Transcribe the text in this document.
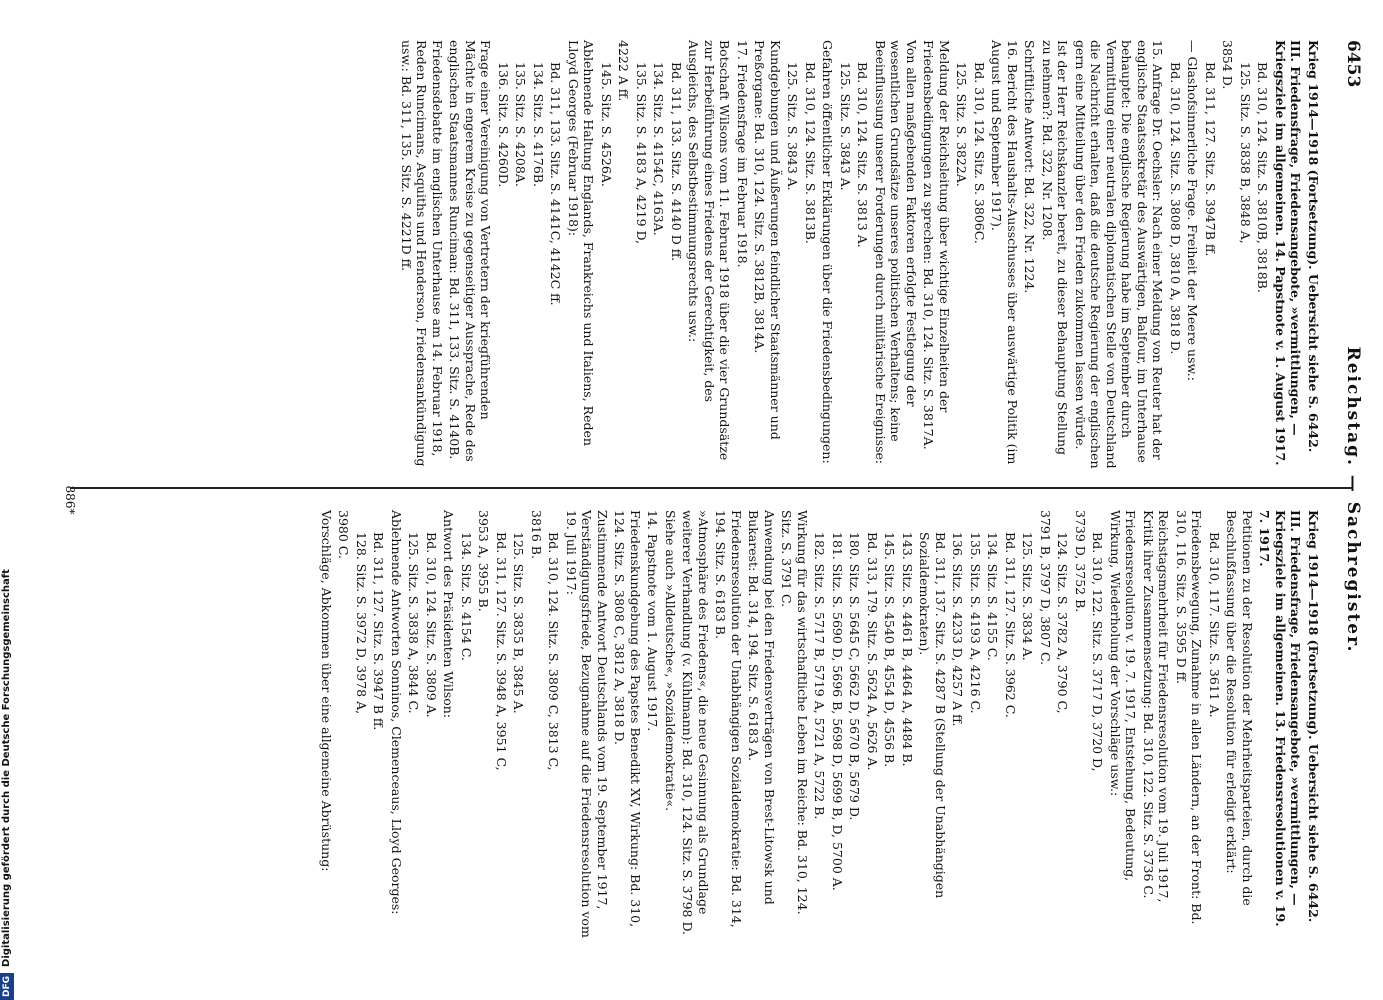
DFGDigitalisierung gefördert durch die Deutsche Forschungsgemeinschaft
6453
Reichstag. — Sachregister.

Krieg 1914—1918 (Fortsetzung). Uebersicht siehe S. 6442.

III. Friedensfrage, Friedensangebote, »vermittlungen, — Kriegsziele im allgemeinen. 14. Papstnote v. 1. August 1917.

Bd. 310, 124. Sitz. S. 3810B, 3818B.

125. Sitz. S. 3838 B, 3848 A,

3854 D.

Bd. 311, 127. Sitz. S. 3947B ff.

— Glashofsinnerliche Frage. Freiheit der Meere usw.:

Bd. 310, 124. Sitz. S. 3808 D, 3810 A, 3818 D.

15. Anfrage Dr. Oechsler: Nach einer Meldung von Reuter hat der englische Staatssekretär des Auswärtigen, Balfour, im Unterhause behauptet: Die englische Regierung habe im September durch Vermittlung einer neutralen diplomatischen Stelle von Deutschland die Nachricht erhalten, daß die deutsche Regierung der englischen gern eine Mitteilung über den Frieden zukommen lassen würde.

Ist der Herr Reichskanzler bereit, zu dieser Behauptung Stellung zu nehmen?: Bd. 322, Nr. 1208.

Schriftliche Antwort: Bd. 322, Nr. 1224.

16. Bericht des Haushalts-Ausschusses über auswärtige Politik (im August und September 1917).

Bd. 310, 124. Sitz. S. 3806C.

125. Sitz. S. 3822A.

Meldung der Reichsleitung über wichtige Einzelheiten der Friedensbedingungen zu sprechen: Bd. 310, 124. Sitz. S. 3817A.

Von allen maßgebenden Faktoren erfolgte Festlegung der wesentlichen Grundsätze unseres politischen Verhaltens; keine Beeinflussung unserer Forderungen durch militärische Ereignisse:

Bd. 310, 124. Sitz. S. 3813 A.

125. Sitz. S. 3843 A.

Gefahren öffentlicher Erklärungen über die Friedensbedingungen:

Bd. 310, 124. Sitz. S. 3813B.

125. Sitz. S. 3843 A.

Kundgebungen und Äußerungen feindlicher Staatsmänner und Preßorgane: Bd. 310, 124. Sitz. S. 3812B, 3814A.

17. Friedensfrage im Februar 1918.

Botschaft Wilsons vom 11. Februar 1918 über die vier Grundsätze zur Herbeiführung eines Friedens der Gerechtigkeit, des Ausgleichs, des Selbstbestimmungsrechts usw.:

Bd. 311, 133. Sitz. S. 4140 D ff.

134. Sitz. S. 4154C, 4163A.

135. Sitz. S. 4183 A, 4219 D,

4222 A ff.

145. Sitz. S. 4526A.

Ablehnende Haltung Englands, Frankreichs und Italiens, Reden Lloyd Georges (Februar 1918):

Bd. 311, 133. Sitz. S. 4141C, 4142C ff.

134. Sitz. S. 4176B.

135. Sitz. S. 4208A.

136. Sitz. S. 4260D.

Frage einer Vereinigung von Vertretern der kriegführenden Mächte in engerem Kreise zu gegenseitiger Aussprache, Rede des englischen Staatsmannes Runciman: Bd. 311, 133. Sitz. S. 4140B.

Friedensdebatte im englischen Unterhause am 14. Februar 1918, Reden Runcimans, Asquiths und Henderson, Friedensankündigung usw.: Bd. 311, 135. Sitz. S. 4221D ff.

Krieg 1914—1918 (Fortsetzung). Uebersicht siehe S. 6442.

III. Friedensfrage, Friedensangebote, »vermittlungen, — Kriegsziele im allgemeinen. 13. Friedensresolutionen v. 19. 7. 1917.

Petitionen zu der Resolution der Mehrheitsparteien, durch die Beschlußfassung über die Resolution für erledigt erklärt:

Bd. 310, 117. Sitz. S. 3611 A.

Friedensbewegung, Zunahme in allen Ländern, an der Front: Bd. 310, 116. Sitz. S. 3595 D ff.

Reichstagsmehrheit für Friedensresolution vom 19. Juli 1917, Kritik ihrer Zusammensetzung: Bd. 310, 122. Sitz. S. 3736 C.

Friedensresolution v. 19. 7. 1917, Entstehung, Bedeutung, Wirkung, Wiederholung der Vorschläge usw.:

Bd. 310, 122. Sitz. S. 3717 D, 3720 D,

3739 D, 3752 B.

124. Sitz. S. 3782 A, 3790 C,

3791 B, 3797 D, 3807 C.

125. Sitz. S. 3834 A.

Bd. 311, 127. Sitz. S. 3962 C.

134. Sitz. S. 4155 C.

135. Sitz. S. 4193 A, 4216 C.

136. Sitz. S. 4233 D, 4257 A ff.

Bd. 311, 137. Sitz. S. 4287 B (Stellung der Unabhängigen Sozialdemokraten).

143. Sitz. S. 4461 B, 4464 A, 4484 B.

145. Sitz. S. 4540 B, 4554 D, 4556 B.

Bd. 313, 179. Sitz. S. 5624 A, 5626 A.

180. Sitz. S. 5645 C, 5662 D, 5670 B, 5679 D.

181. Sitz. S. 5690 D, 5696 B, 5698 D, 5699 B, D, 5700 A.

182. Sitz. S. 5717 B, 5719 A, 5721 A, 5722 B.

Wirkung für das wirtschaftliche Leben im Reiche: Bd. 310, 124. Sitz. S. 3791 C.

Anwendung bei den Friedensverträgen von Brest-Litowsk und Bukarest: Bd. 314, 194. Sitz. S. 6183 A.

Friedensresolution der Unabhängigen Sozialdemokratie: Bd. 314, 194. Sitz. S. 6183 B.

»Atmosphäre des Friedens«, die neue Gesinnung als Grundlage weiterer Verhandlung (v. Kühlmann): Bd. 310, 124. Sitz. S. 3798 D.

Siehe auch »Alldeutsche«, »Sozialdemokratie«.

14. Papstnote vom 1. August 1917.

Friedenskundgebung des Papstes Benedikt XV, Wirkung: Bd. 310, 124. Sitz. S. 3808 C, 3812 A, 3818 D.

Zustimmende Antwort Deutschlands vom 19. September 1917, Verständigungsfriede, Bezugnahme auf die Friedensresolution vom 19. Juli 1917:

Bd. 310, 124. Sitz. S. 3809 C, 3813 C,

3816 B.

125. Sitz. S. 3835 B, 3845 A.

Bd. 311, 127. Sitz. S. 3948 A, 3951 C,

3953 A, 3955 B.

134. Sitz. S. 4154 C.

Antwort des Präsidenten Wilson:

Bd. 310, 124. Sitz. S. 3809 A.

125. Sitz. S. 3838 A, 3844 C.

Ablehnende Antworten Sonninos, Clemenceaus, Lloyd Georges:

Bd. 311, 127. Sitz. S. 3947 B ff.

128. Sitz. S. 3972 D, 3978 A,

3980 C.

Vorschläge, Abkommen über eine allgemeine Abrüstung:

886*
